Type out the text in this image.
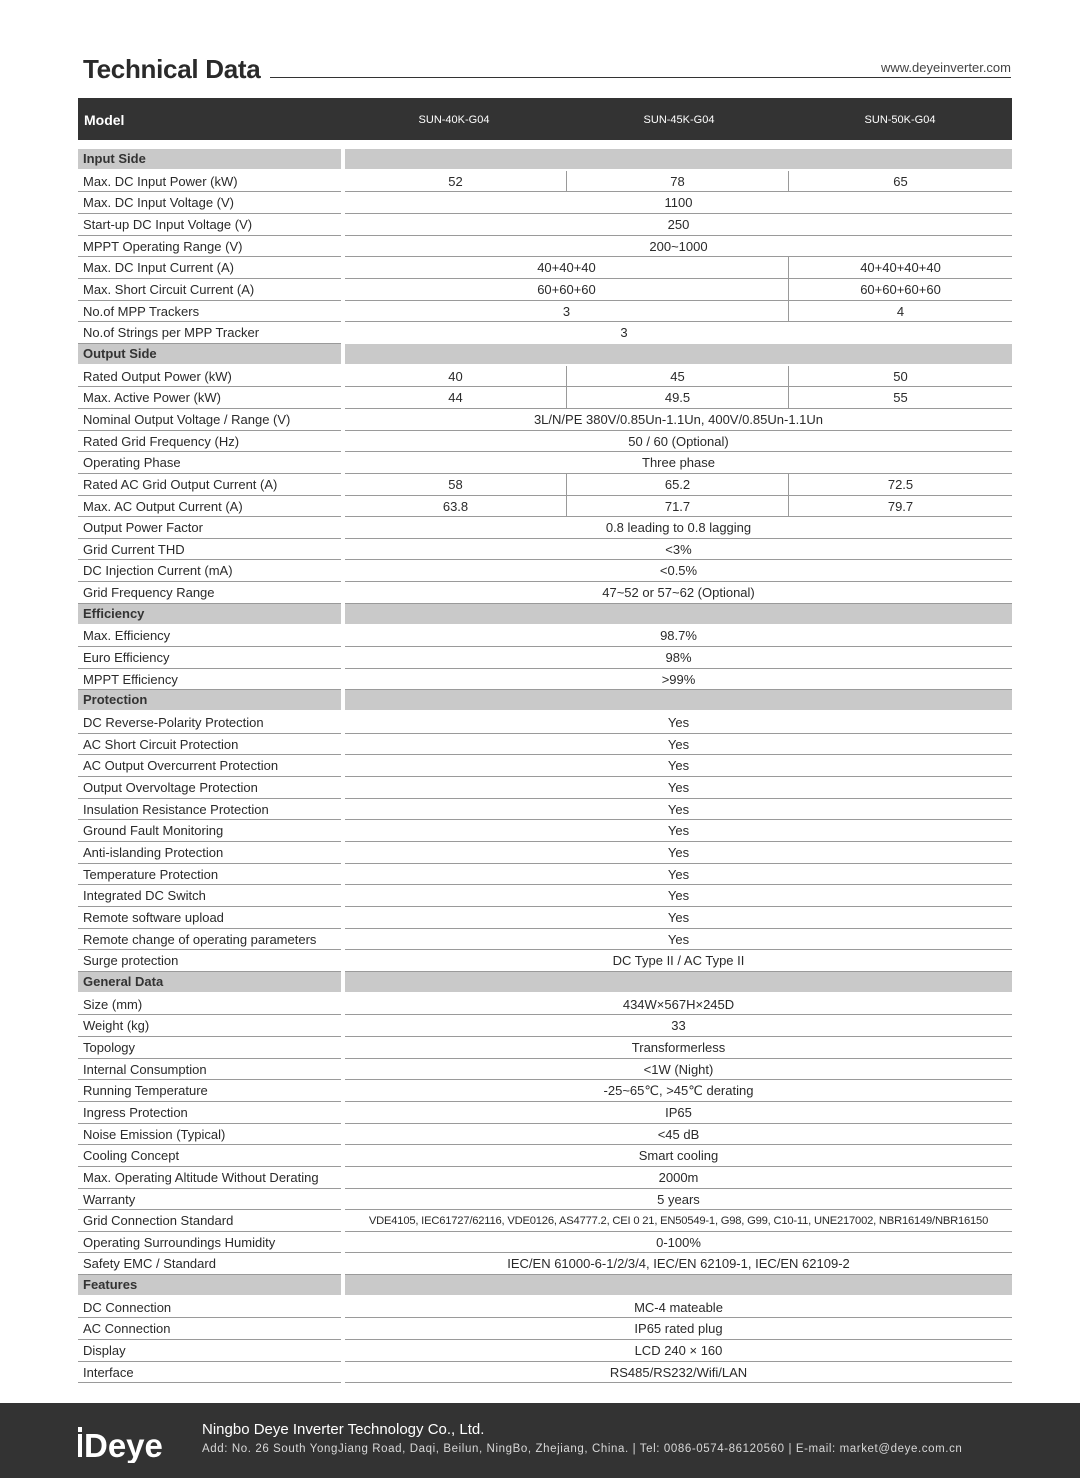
Technical Data	www.deyeinverter.com
Model	SUN-40K-G04	SUN-45K-G04	SUN-50K-G04
Input Side
Max. DC Input Power (kW)	52	78	65
Max. DC Input Voltage (V)	1100
Start-up DC Input Voltage (V)	250
MPPT Operating Range (V)	200~1000
Max. DC Input Current (A)	40+40+40	40+40+40+40
Max. Short Circuit Current (A)	60+60+60	60+60+60+60
No.of MPP Trackers	3	4
No.of Strings per MPP Tracker	3
Output Side
Rated Output Power (kW)	40	45	50
Max. Active Power (kW)	44	49.5	55
Nominal Output Voltage / Range (V)	3L/N/PE 380V/0.85Un-1.1Un, 400V/0.85Un-1.1Un
Rated Grid Frequency (Hz)	50 / 60 (Optional)
Operating Phase	Three phase
Rated AC Grid Output Current (A)	58	65.2	72.5
Max. AC Output Current (A)	63.8	71.7	79.7
Output Power Factor	0.8 leading to 0.8 lagging
Grid Current THD	<3%
DC Injection Current (mA)	<0.5%
Grid Frequency Range	47~52 or 57~62 (Optional)
Efficiency
Max. Efficiency	98.7%
Euro Efficiency	98%
MPPT Efficiency	>99%
Protection
DC Reverse-Polarity Protection	Yes
AC Short Circuit Protection	Yes
AC Output Overcurrent Protection	Yes
Output Overvoltage Protection	Yes
Insulation Resistance Protection	Yes
Ground Fault Monitoring	Yes
Anti-islanding Protection	Yes
Temperature Protection	Yes
Integrated DC Switch	Yes
Remote software upload	Yes
Remote change of operating parameters	Yes
Surge protection	DC Type II / AC Type II
General Data
Size (mm)	434W×567H×245D
Weight (kg)	33
Topology	Transformerless
Internal Consumption	<1W (Night)
Running Temperature	-25~65℃, >45℃ derating
Ingress Protection	IP65
Noise Emission (Typical)	<45 dB
Cooling Concept	Smart cooling
Max. Operating Altitude Without Derating	2000m
Warranty	5 years
Grid Connection Standard	VDE4105, IEC61727/62116, VDE0126, AS4777.2, CEI 0 21, EN50549-1, G98, G99, C10-11, UNE217002, NBR16149/NBR16150
Operating Surroundings Humidity	0-100%
Safety EMC / Standard	IEC/EN 61000-6-1/2/3/4, IEC/EN 62109-1, IEC/EN 62109-2
Features
DC Connection	MC-4 mateable
AC Connection	IP65 rated plug
Display	LCD 240 × 160
Interface	RS485/RS232/Wifi/LAN
Deye	Ningbo Deye Inverter Technology Co., Ltd.
Add: No. 26 South YongJiang Road, Daqi, Beilun, NingBo, Zhejiang, China. | Tel: 0086-0574-86120560 | E-mail: market@deye.com.cn
